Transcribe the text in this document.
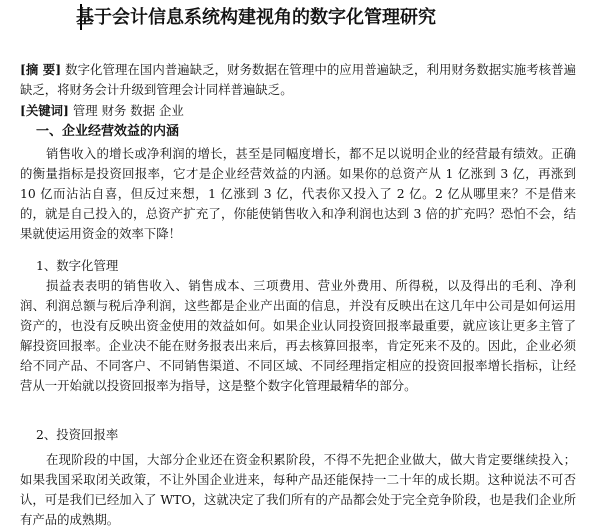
基于会计信息系统构建视角的数字化管理研究

[摘 要] 数字化管理在国内普遍缺乏，财务数据在管理中的应用普遍缺乏，利用财务数据实施考核普遍缺乏，将财务会计升级到管理会计同样普遍缺乏。

[关键词] 管理 财务 数据 企业

一、企业经营效益的内涵

销售收入的增长或净利润的增长，甚至是同幅度增长，都不足以说明企业的经营最有绩效。正确的衡量指标是投资回报率，它才是企业经营效益的内涵。如果你的总资产从 1 亿涨到 3 亿，再涨到 10 亿而沾沾自喜，但反过来想，1 亿涨到 3 亿，代表你又投入了 2 亿。2 亿从哪里来？不是借来的，就是自己投入的，总资产扩充了，你能使销售收入和净利润也达到 3 倍的扩充吗？恐怕不会，结果就使运用资金的效率下降！

1、数字化管理

损益表表明的销售收入、销售成本、三项费用、营业外费用、所得税，以及得出的毛利、净利润、利润总额与税后净利润，这些都是企业产出面的信息，并没有反映出在这几年中公司是如何运用资产的，也没有反映出资金使用的效益如何。如果企业认同投资回报率最重要，就应该让更多主管了解投资回报率。企业决不能在财务报表出来后，再去核算回报率，肯定死来不及的。因此，企业必须给不同产品、不同客户、不同销售渠道、不同区域、不同经理指定相应的投资回报率增长指标，让经营从一开始就以投资回报率为指导，这是整个数字化管理最精华的部分。

2、投资回报率

在现阶段的中国，大部分企业还在资金积累阶段，不得不先把企业做大，做大肯定要继续投入；如果我国采取闭关政策，不让外国企业进来，每种产品还能保持一二十年的成长期。这种说法不可否认，可是我们已经加入了 WTO，这就决定了我们所有的产品都会处于完全竞争阶段，也是我们企业所有产品的成熟期。
